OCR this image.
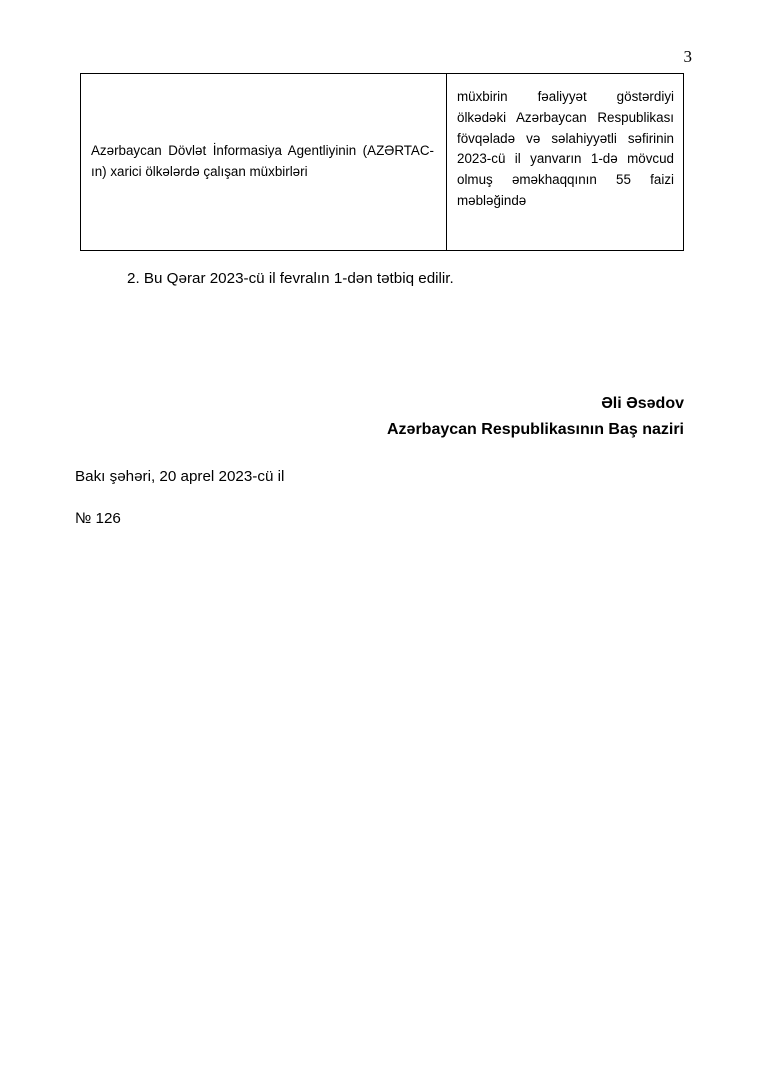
3

Azərbaycan Dövlət İnformasiya Agentliyinin (AZƏRTAC-ın) xarici ölkələrdə çalışan müxbirləri

müxbirin fəaliyyət göstərdiyi ölkədəki Azərbaycan Respublikası fövqəladə və səlahiyyətli səfirinin 2023-cü il yanvarın 1-də mövcud olmuş əməkhaqqının 55 faizi məbləğində

2. Bu Qərar 2023-cü il fevralın 1-dən tətbiq edilir.
Əli Əsədov
Azərbaycan Respublikasının Baş naziri
Bakı şəhəri, 20 aprel 2023-cü il
№ 126
